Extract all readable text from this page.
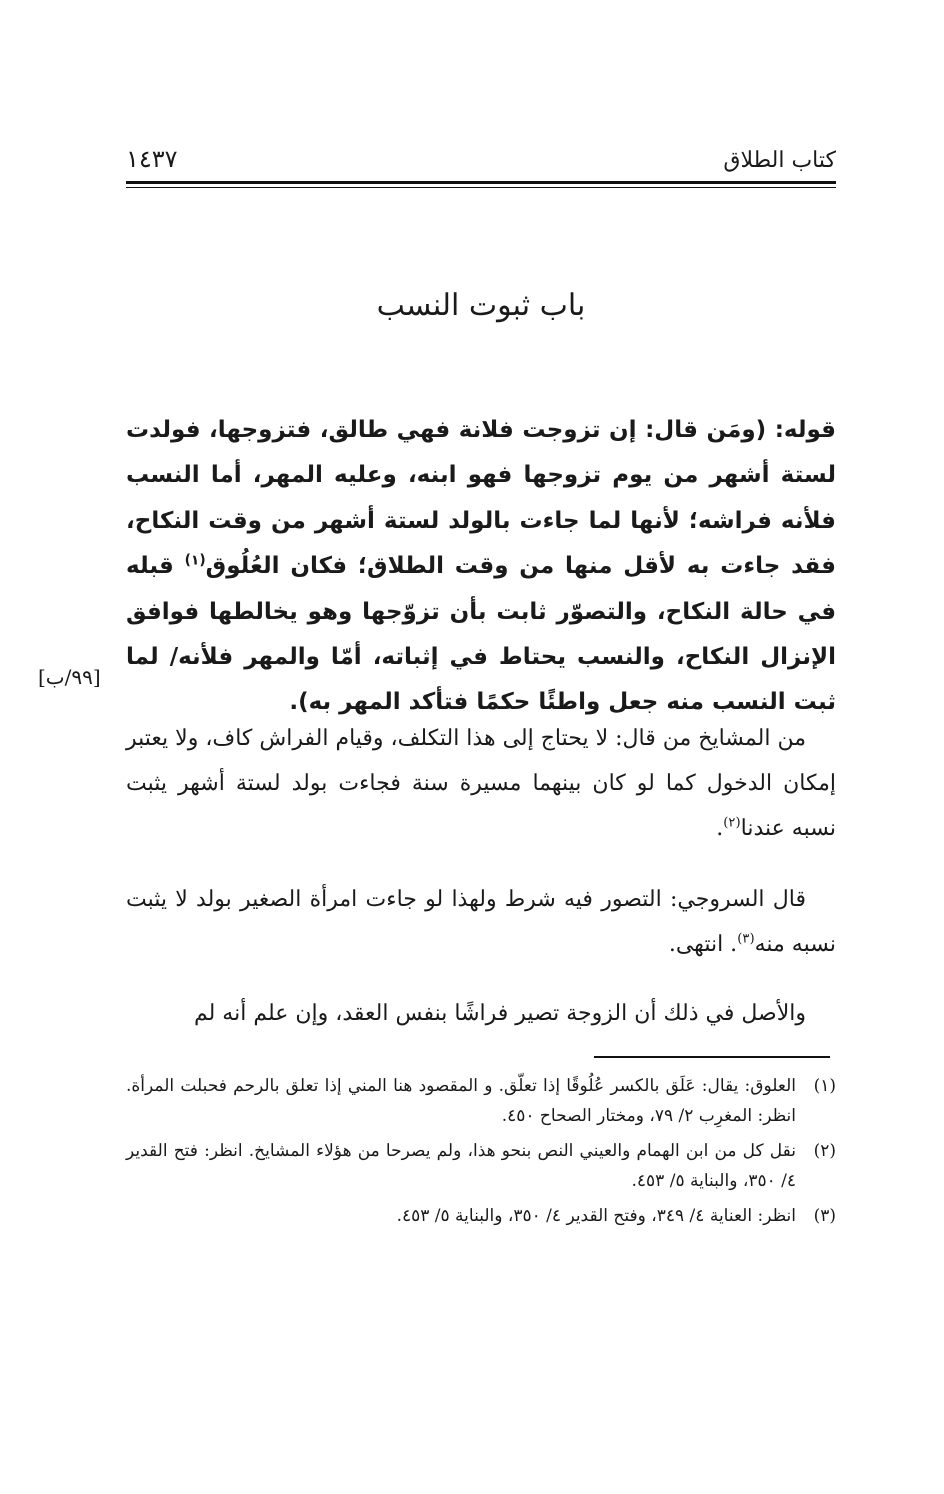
كتاب الطلاق
١٤٣٧
باب ثبوت النسب
قوله: (ومَن قال: إن تزوجت فلانة فهي طالق، فتزوجها، فولدت لستة أشهر من يوم تزوجها فهو ابنه، وعليه المهر، أما النسب فلأنه فراشه؛ لأنها لما جاءت بالولد لستة أشهر من وقت النكاح، فقد جاءت به لأقل منها من وقت الطلاق؛ فكان العُلُوق$^{(١)}$ قبله في حالة النكاح، والتصوّر ثابت بأن تزوّجها وهو يخالطها فوافق الإنزال النكاح، والنسب يحتاط في إثباته، أمّا والمهر فلأنه/ لما ثبت النسب منه جعل واطئًا حكمًا فتأكد المهر به).
[٩٩/ب]
من المشايخ من قال: لا يحتاج إلى هذا التكلف، وقيام الفراش كاف، ولا يعتبر إمكان الدخول كما لو كان بينهما مسيرة سنة فجاءت بولد لستة أشهر يثبت نسبه عندنا$^{(٢)}$.
قال السروجي: التصور فيه شرط ولهذا لو جاءت امرأة الصغير بولد لا يثبت نسبه منه$^{(٣)}$. انتهى.
والأصل في ذلك أن الزوجة تصير فراشًا بنفس العقد، وإن علم أنه لم
(١)
العلوق: يقال: عَلَق بالكسر عُلُوقًا إذا تعلّق. و المقصود هنا المني إذا تعلق بالرحم فحبلت المرأة. انظر: المغرِب ٢/ ٧٩، ومختار الصحاح ٤٥٠.
(٢)
نقل كل من ابن الهمام والعيني النص بنحو هذا، ولم يصرحا من هؤلاء المشايخ. انظر: فتح القدير ٤/ ٣٥٠، والبناية ٥/ ٤٥٣.
(٣)
انظر: العناية ٤/ ٣٤٩، وفتح القدير ٤/ ٣٥٠، والبناية ٥/ ٤٥٣.
